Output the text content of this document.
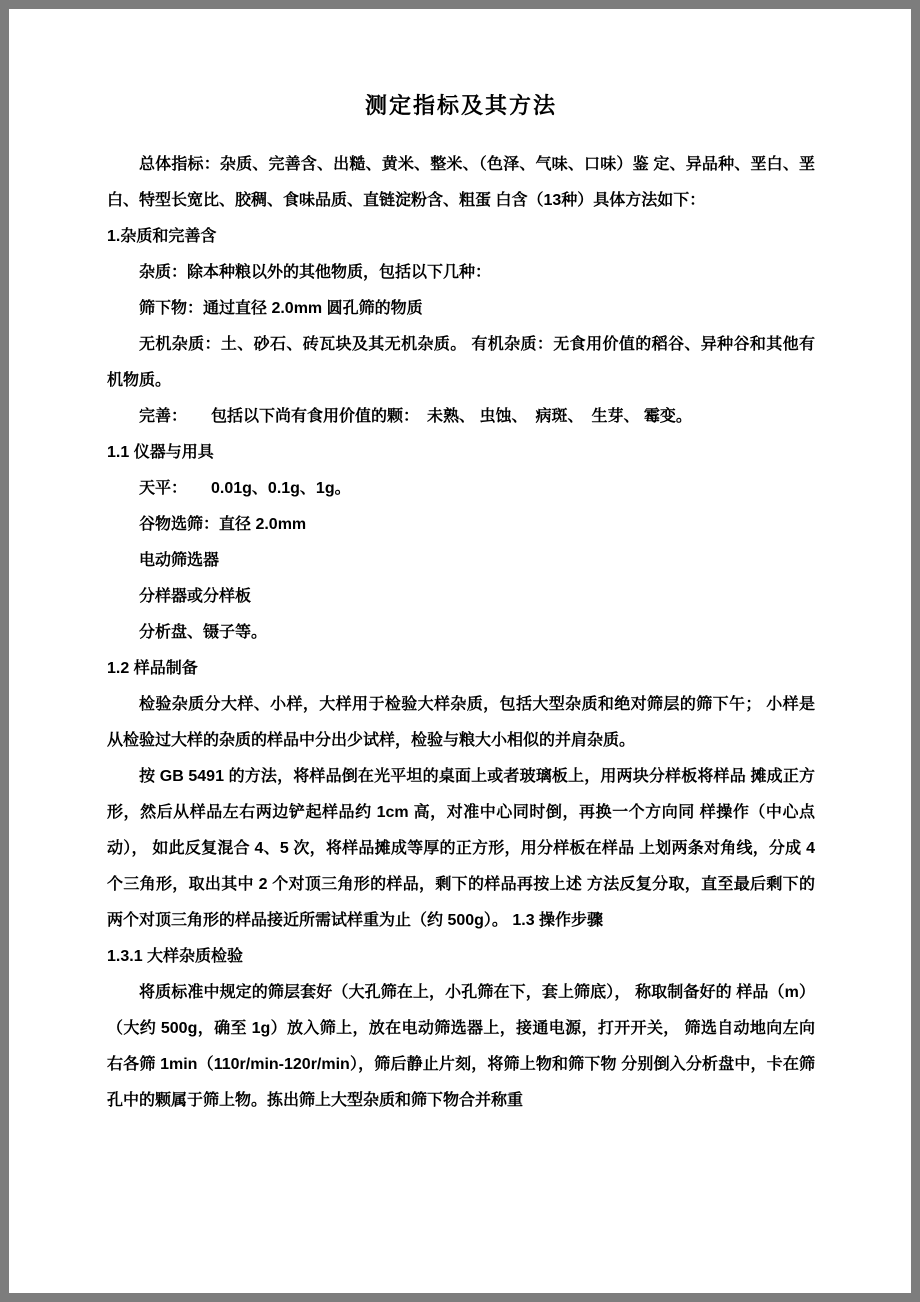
测定指标及其方法

总体指标：杂质、完善含、出糙、黄米、整米、（色泽、气味、口味）鉴 定、异品种、垩白、垩白、特型长宽比、胶稠、食味品质、直链淀粉含、粗蛋 白含（13种）具体方法如下：

1.杂质和完善含

杂质：除本种粮以外的其他物质，包括以下几种：

筛下物：通过直径 2.0mm 圆孔筛的物质

无机杂质：土、砂石、砖瓦块及其无机杂质。 有机杂质：无食用价值的稻谷、异种谷和其他有机物质。

完善：　　包括以下尚有食用价值的颗：　未熟、 虫蚀、　病斑、　生芽、 霉变。

1.1 仪器与用具

天平：　　0.01g、0.1g、1g。

谷物选筛：直径 2.0mm

电动筛选器

分样器或分样板

分析盘、镊子等。

1.2 样品制备

检验杂质分大样、小样，大样用于检验大样杂质，包括大型杂质和绝对筛层的筛下午； 小样是从检验过大样的杂质的样品中分出少试样，检验与粮大小相似的并肩杂质。

按 GB 5491 的方法，将样品倒在光平坦的桌面上或者玻璃板上，用两块分样板将样品 摊成正方形，然后从样品左右两边铲起样品约 1cm 高，对准中心同时倒，再换一个方向同 样操作（中心点动）， 如此反复混合 4、5 次，将样品摊成等厚的正方形，用分样板在样品 上划两条对角线，分成 4 个三角形，取出其中 2 个对顶三角形的样品，剩下的样品再按上述 方法反复分取，直至最后剩下的两个对顶三角形的样品接近所需试样重为止（约 500g）。 1.3 操作步骤

1.3.1 大样杂质检验

将质标准中规定的筛层套好（大孔筛在上，小孔筛在下，套上筛底）， 称取制备好的 样品（m）（大约 500g，确至 1g）放入筛上，放在电动筛选器上，接通电源，打开开关， 筛选自动地向左向右各筛 1min（110r/min-120r/min），筛后静止片刻，将筛上物和筛下物 分别倒入分析盘中，卡在筛孔中的颗属于筛上物。拣出筛上大型杂质和筛下物合并称重
